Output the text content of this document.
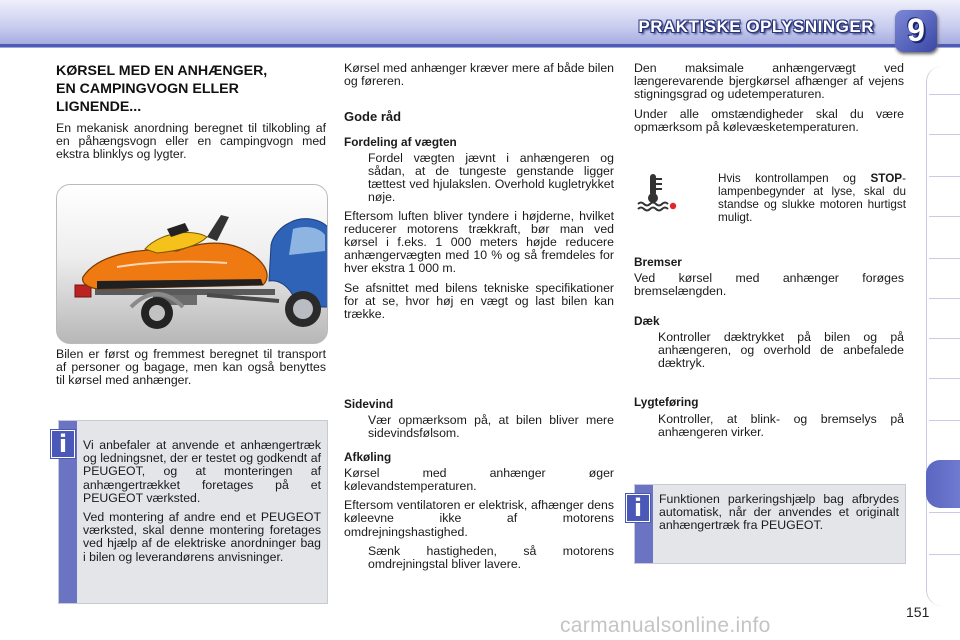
PRAKTISKE OPLYSNINGER	9
KØRSEL MED EN ANHÆNGER,
EN CAMPINGVOGN ELLER
LIGNENDE...

En mekanisk anordning beregnet til tilkobling af en påhængsvogn eller en campingvogn med ekstra blinklys og lygter.

Bilen er først og fremmest beregnet til transport af personer og bagage, men kan også benyttes til kørsel med anhænger.

Vi anbefaler at anvende et anhængertræk og ledningsnet, der er testet og godkendt af PEUGEOT, og at monteringen af anhængertrækket foretages på et PEUGEOT værksted.

Ved montering af andre end et PEUGEOT værksted, skal denne montering foretages ved hjælp af de elektriske anordninger bag i bilen og leverandørens anvisninger.

i

Kørsel med anhænger kræver mere af både bilen og føreren.

Gode råd
Fordeling af vægten
Fordel vægten jævnt i anhængeren og sådan, at de tungeste genstande ligger tættest ved hjulakslen. Overhold kugletrykket nøje.

Eftersom luften bliver tyndere i højderne, hvilket reducerer motorens trækkraft, bør man ved kørsel i f.eks. 1 000 meters højde reducere anhængervægten med 10 % og så fremdeles for hver ekstra 1 000 m.

Se afsnittet med bilens tekniske specifikationer for at se, hvor høj en vægt og last bilen kan trække.

Sidevind
Vær opmærksom på, at bilen bliver mere sidevindsfølsom.
Afkøling

Kørsel med anhænger øger kølevandstemperaturen.

Eftersom ventilatoren er elektrisk, afhænger dens køleevne ikke af motorens omdrejningshastighed.

Sænk hastigheden, så motorens omdrejningstal bliver lavere.

Den maksimale anhængervægt ved længerevarende bjergkørsel afhænger af vejens stigningsgrad og udetemperaturen.

Under alle omstændigheder skal du være opmærksom på kølevæsketemperaturen.

Hvis kontrollampen og STOP-lampenbegynder at lyse, skal du standse og slukke motoren hurtigst muligt.
Bremser

Ved kørsel med anhænger forøges bremselængden.

Dæk
Kontroller dæktrykket på bilen og på anhængeren, og overhold de anbefalede dæktryk.
Lygteføring
Kontroller, at blink- og bremselys på anhængeren virker.

Funktionen parkeringshjælp bag afbrydes automatisk, når der anvendes et originalt anhængertræk fra PEUGEOT.

i
carmanualsonline.info
151
